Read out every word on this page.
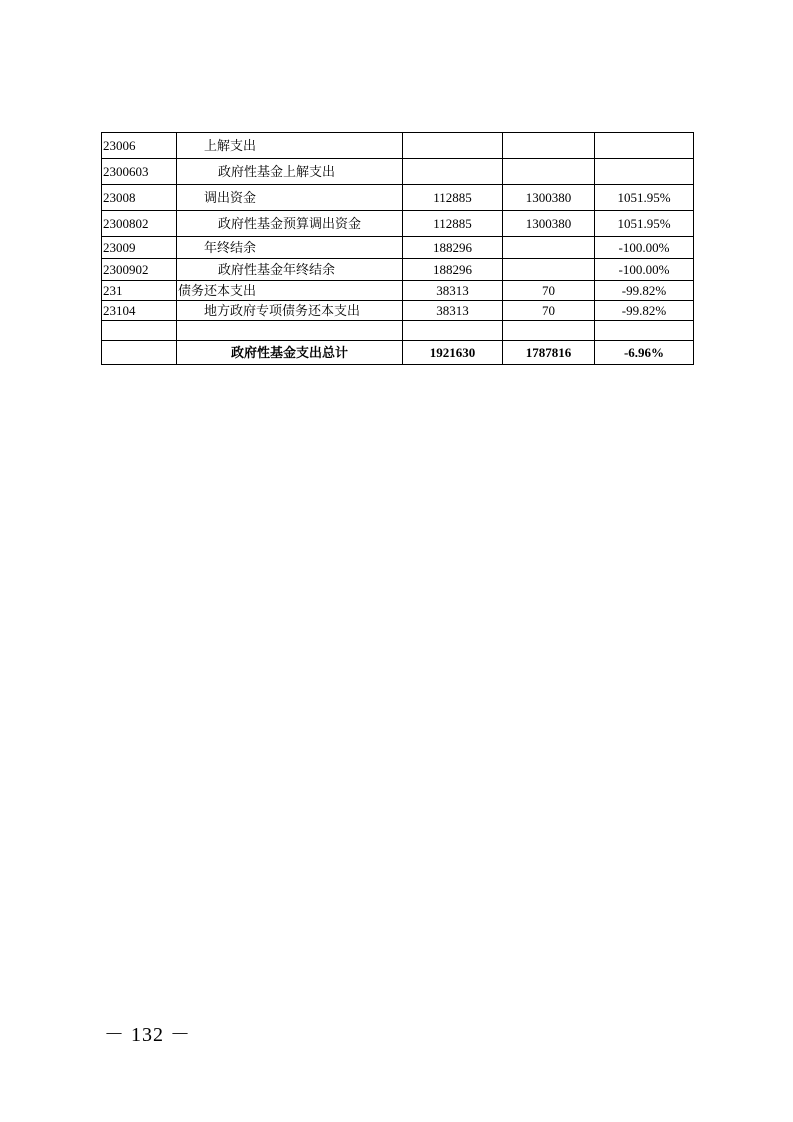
23006	上解支出			
2300603	政府性基金上解支出			
23008	调出资金	112885	1300380	1051.95%
2300802	政府性基金预算调出资金	112885	1300380	1051.95%
23009	年终结余	188296		-100.00%
2300902	政府性基金年终结余	188296		-100.00%
231	债务还本支出	38313	70	-99.82%
23104	地方政府专项债务还本支出	38313	70	-99.82%

	政府性基金支出总计	1921630	1787816	-6.96%
－ 132 －
